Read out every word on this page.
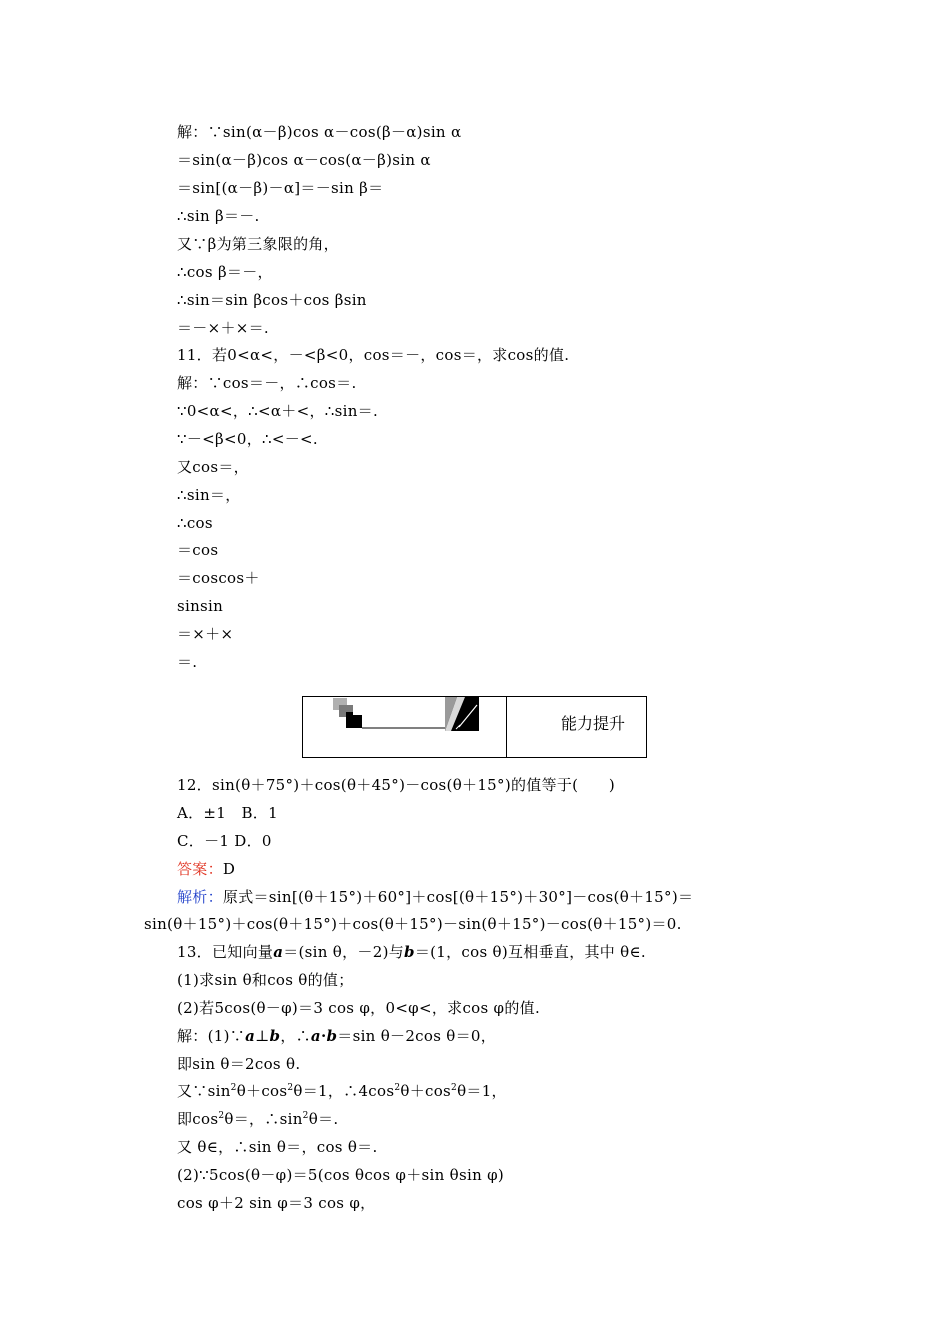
解：∵sin(α－β)cos α－cos(β－α)sin α
＝sin(α－β)cos α－cos(α－β)sin α
＝sin[(α－β)－α]＝－sin β＝
∴sin β＝－.
又∵β为第三象限的角，
∴cos β＝－，
∴sin＝sin βcos＋cos βsin
＝－×＋×＝.
11．若0<α<，－<β<0，cos＝－，cos＝，求cos的值.
解：∵cos＝－，∴cos＝.
∵0<α<，∴<α＋<，∴sin＝.
∵－<β<0，∴<－<.
又cos＝，
∴sin＝，
∴cos
＝cos
＝coscos＋
sinsin
＝×＋×
＝.
能力提升
12．sin(θ＋75°)＋cos(θ＋45°)－cos(θ＋15°)的值等于(　　)
A．±1　B．1
C．－1 D．0
答案：D
解析：原式＝sin[(θ＋15°)＋60°]＋cos[(θ＋15°)＋30°]－cos(θ＋15°)＝
sin(θ＋15°)＋cos(θ＋15°)＋cos(θ＋15°)－sin(θ＋15°)－cos(θ＋15°)＝0.
13．已知向量a＝(sin θ，－2)与b＝(1，cos θ)互相垂直，其中 θ∈.
(1)求sin θ和cos θ的值；
(2)若5cos(θ－φ)＝3 cos φ，0<φ<，求cos φ的值.
解：(1)∵a⊥b，∴a·b＝sin θ－2cos θ＝0，
即sin θ＝2cos θ.
又$\because\sin^2\theta+\cos^2\theta=1$，$\therefore 4\cos^2\theta+\cos^2\theta=1$，
即$\cos^2\theta=$，$\therefore\sin^2\theta=$.
又 θ∈，∴sin θ＝，cos θ＝.
(2)∵5cos(θ－φ)＝5(cos θcos φ＋sin θsin φ)
cos φ＋2 sin φ＝3 cos φ，
